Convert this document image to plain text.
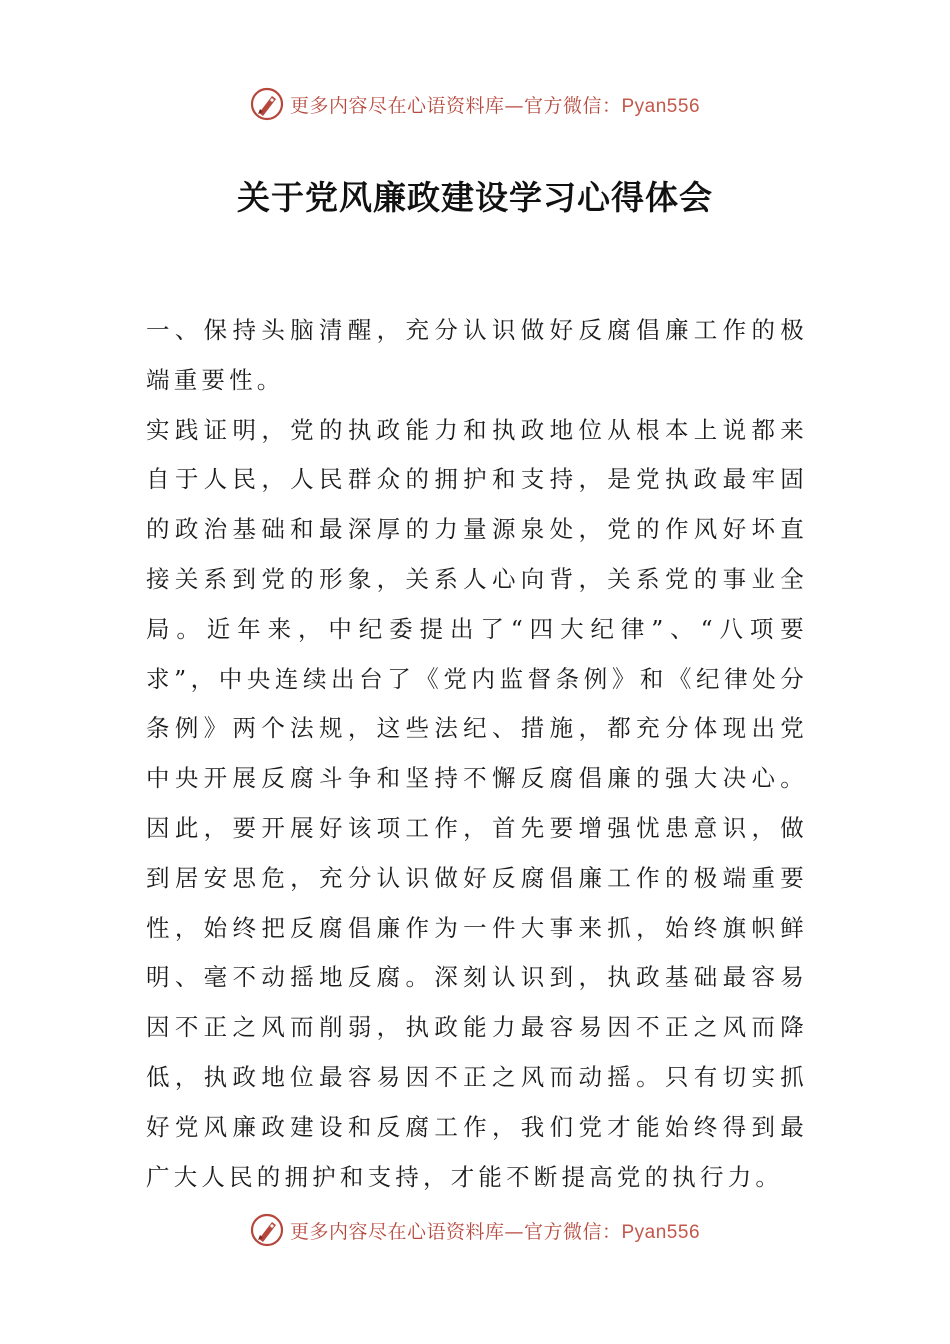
更多内容尽在心语资料库—官方微信：Pyan556
关于党风廉政建设学习心得体会

一、保持头脑清醒，充分认识做好反腐倡廉工作的极端重要性。

实践证明，党的执政能力和执政地位从根本上说都来自于人民，人民群众的拥护和支持，是党执政最牢固的政治基础和最深厚的力量源泉处，党的作风好坏直接关系到党的形象，关系人心向背，关系党的事业全局。近年来，中纪委提出了“四大纪律”、“八项要求”，中央连续出台了《党内监督条例》和《纪律处分条例》两个法规，这些法纪、措施，都充分体现出党中央开展反腐斗争和坚持不懈反腐倡廉的强大决心。因此，要开展好该项工作，首先要增强忧患意识，做到居安思危，充分认识做好反腐倡廉工作的极端重要性，始终把反腐倡廉作为一件大事来抓，始终旗帜鲜明、毫不动摇地反腐。深刻认识到，执政基础最容易因不正之风而削弱，执政能力最容易因不正之风而降低，执政地位最容易因不正之风而动摇。只有切实抓好党风廉政建设和反腐工作，我们党才能始终得到最广大人民的拥护和支持，才能不断提高党的执行力。

更多内容尽在心语资料库—官方微信：Pyan556
